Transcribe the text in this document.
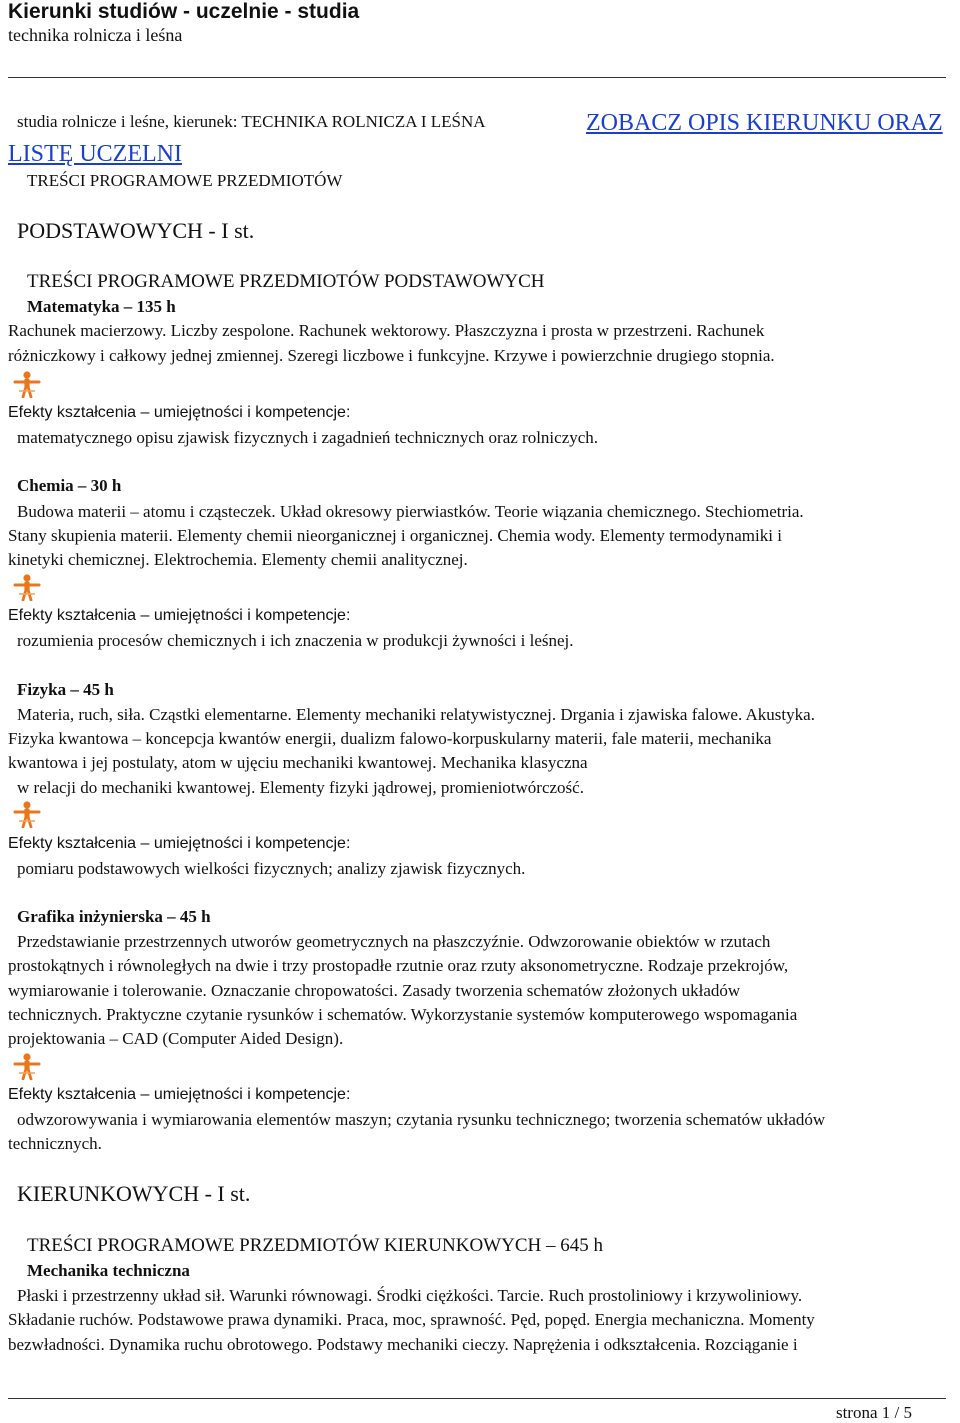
Kierunki studiów - uczelnie - studia
technika rolnicza i leśna
studia rolnicze i leśne, kierunek: TECHNIKA ROLNICZA I LEŚNA	ZOBACZ OPIS KIERUNKU ORAZ
LISTĘ UCZELNI
TREŚCI PROGRAMOWE PRZEDMIOTÓW
PODSTAWOWYCH - I st.
TREŚCI PROGRAMOWE PRZEDMIOTÓW PODSTAWOWYCH
Matematyka – 135 h
Rachunek macierzowy. Liczby zespolone. Rachunek wektorowy. Płaszczyzna i prosta w przestrzeni. Rachunek
różniczkowy i całkowy jednej zmiennej. Szeregi liczbowe i funkcyjne. Krzywe i powierzchnie drugiego stopnia.
Efekty kształcenia – umiejętności i kompetencje:
matematycznego opisu zjawisk fizycznych i zagadnień technicznych oraz rolniczych.
Chemia – 30 h
Budowa materii – atomu i cząsteczek. Układ okresowy pierwiastków. Teorie wiązania chemicznego. Stechiometria.
Stany skupienia materii. Elementy chemii nieorganicznej i organicznej. Chemia wody. Elementy termodynamiki i
kinetyki chemicznej. Elektrochemia. Elementy chemii analitycznej.
Efekty kształcenia – umiejętności i kompetencje:
rozumienia procesów chemicznych i ich znaczenia w produkcji żywności i leśnej.
Fizyka – 45 h
Materia, ruch, siła. Cząstki elementarne. Elementy mechaniki relatywistycznej. Drgania i zjawiska falowe. Akustyka.
Fizyka kwantowa – koncepcja kwantów energii, dualizm falowo-korpuskularny materii, fale materii, mechanika
kwantowa i jej postulaty, atom w ujęciu mechaniki kwantowej. Mechanika klasyczna
w relacji do mechaniki kwantowej. Elementy fizyki jądrowej, promieniotwórczość.
Efekty kształcenia – umiejętności i kompetencje:
pomiaru podstawowych wielkości fizycznych; analizy zjawisk fizycznych.
Grafika inżynierska – 45 h
Przedstawianie przestrzennych utworów geometrycznych na płaszczyźnie. Odwzorowanie obiektów w rzutach
prostokątnych i równoległych na dwie i trzy prostopadłe rzutnie oraz rzuty aksonometryczne. Rodzaje przekrojów,
wymiarowanie i tolerowanie. Oznaczanie chropowatości. Zasady tworzenia schematów złożonych układów
technicznych. Praktyczne czytanie rysunków i schematów. Wykorzystanie systemów komputerowego wspomagania
projektowania – CAD (Computer Aided Design).
Efekty kształcenia – umiejętności i kompetencje:
odwzorowywania i wymiarowania elementów maszyn; czytania rysunku technicznego; tworzenia schematów układów
technicznych.
KIERUNKOWYCH - I st.
TREŚCI PROGRAMOWE PRZEDMIOTÓW KIERUNKOWYCH – 645 h
Mechanika techniczna
Płaski i przestrzenny układ sił. Warunki równowagi. Środki ciężkości. Tarcie. Ruch prostoliniowy i krzywoliniowy.
Składanie ruchów. Podstawowe prawa dynamiki. Praca, moc, sprawność. Pęd, popęd. Energia mechaniczna. Momenty
bezwładności. Dynamika ruchu obrotowego. Podstawy mechaniki cieczy. Naprężenia i odkształcenia. Rozciąganie i
strona 1 / 5
